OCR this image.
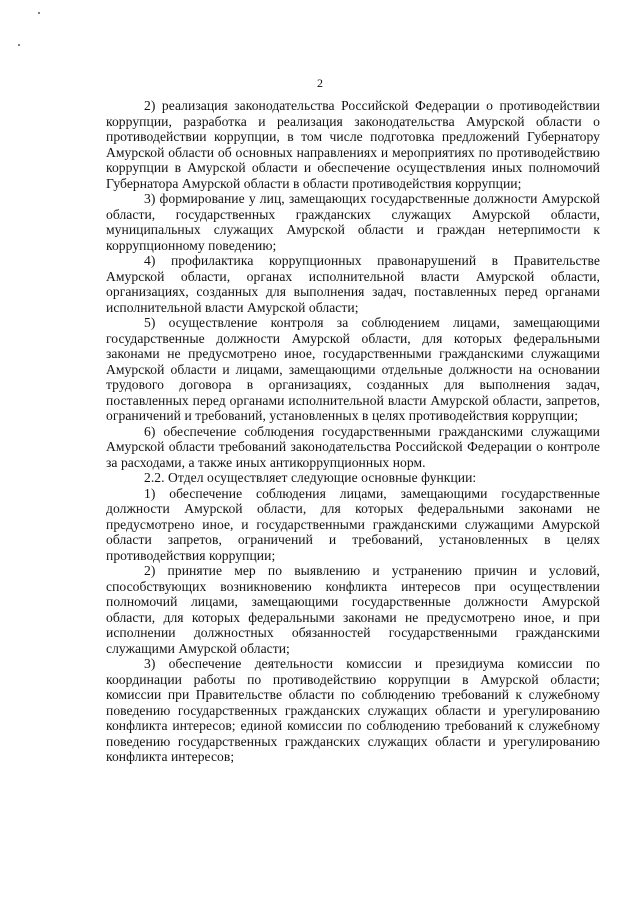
2

2) реализация законодательства Российской Федерации о противодействии коррупции, разработка и реализация законодательства Амурской области о противодействии коррупции, в том числе подготовка предложений Губернатору Амурской области об основных направлениях и мероприятиях по противодействию коррупции в Амурской области и обеспечение осуществления иных полномочий Губернатора Амурской области в области противодействия коррупции;

3) формирование у лиц, замещающих государственные должности Амурской области, государственных гражданских служащих Амурской области, муниципальных служащих Амурской области и граждан нетерпимости к коррупционному поведению;

4) профилактика коррупционных правонарушений в Правительстве Амурской области, органах исполнительной власти Амурской области, организациях, созданных для выполнения задач, поставленных перед органами исполнительной власти Амурской области;

5) осуществление контроля за соблюдением лицами, замещающими государственные должности Амурской области, для которых федеральными законами не предусмотрено иное, государственными гражданскими служащими Амурской области и лицами, замещающими отдельные должности на основании трудового договора в организациях, созданных для выполнения задач, поставленных перед органами исполнительной власти Амурской области, запретов, ограничений и требований, установленных в целях противодействия коррупции;

6) обеспечение соблюдения государственными гражданскими служащими Амурской области требований законодательства Российской Федерации о контроле за расходами, а также иных антикоррупционных норм.

2.2. Отдел осуществляет следующие основные функции:

1) обеспечение соблюдения лицами, замещающими государственные должности Амурской области, для которых федеральными законами не предусмотрено иное, и государственными гражданскими служащими Амурской области запретов, ограничений и требований, установленных в целях противодействия коррупции;

2) принятие мер по выявлению и устранению причин и условий, способствующих возникновению конфликта интересов при осуществлении полномочий лицами, замещающими государственные должности Амурской области, для которых федеральными законами не предусмотрено иное, и при исполнении должностных обязанностей государственными гражданскими служащими Амурской области;

3) обеспечение деятельности комиссии и президиума комиссии по координации работы по противодействию коррупции в Амурской области; комиссии при Правительстве области по соблюдению требований к служебному поведению государственных гражданских служащих области и урегулированию конфликта интересов; единой комиссии по соблюдению требований к служебному поведению государственных гражданских служащих области и урегулированию конфликта интересов;
